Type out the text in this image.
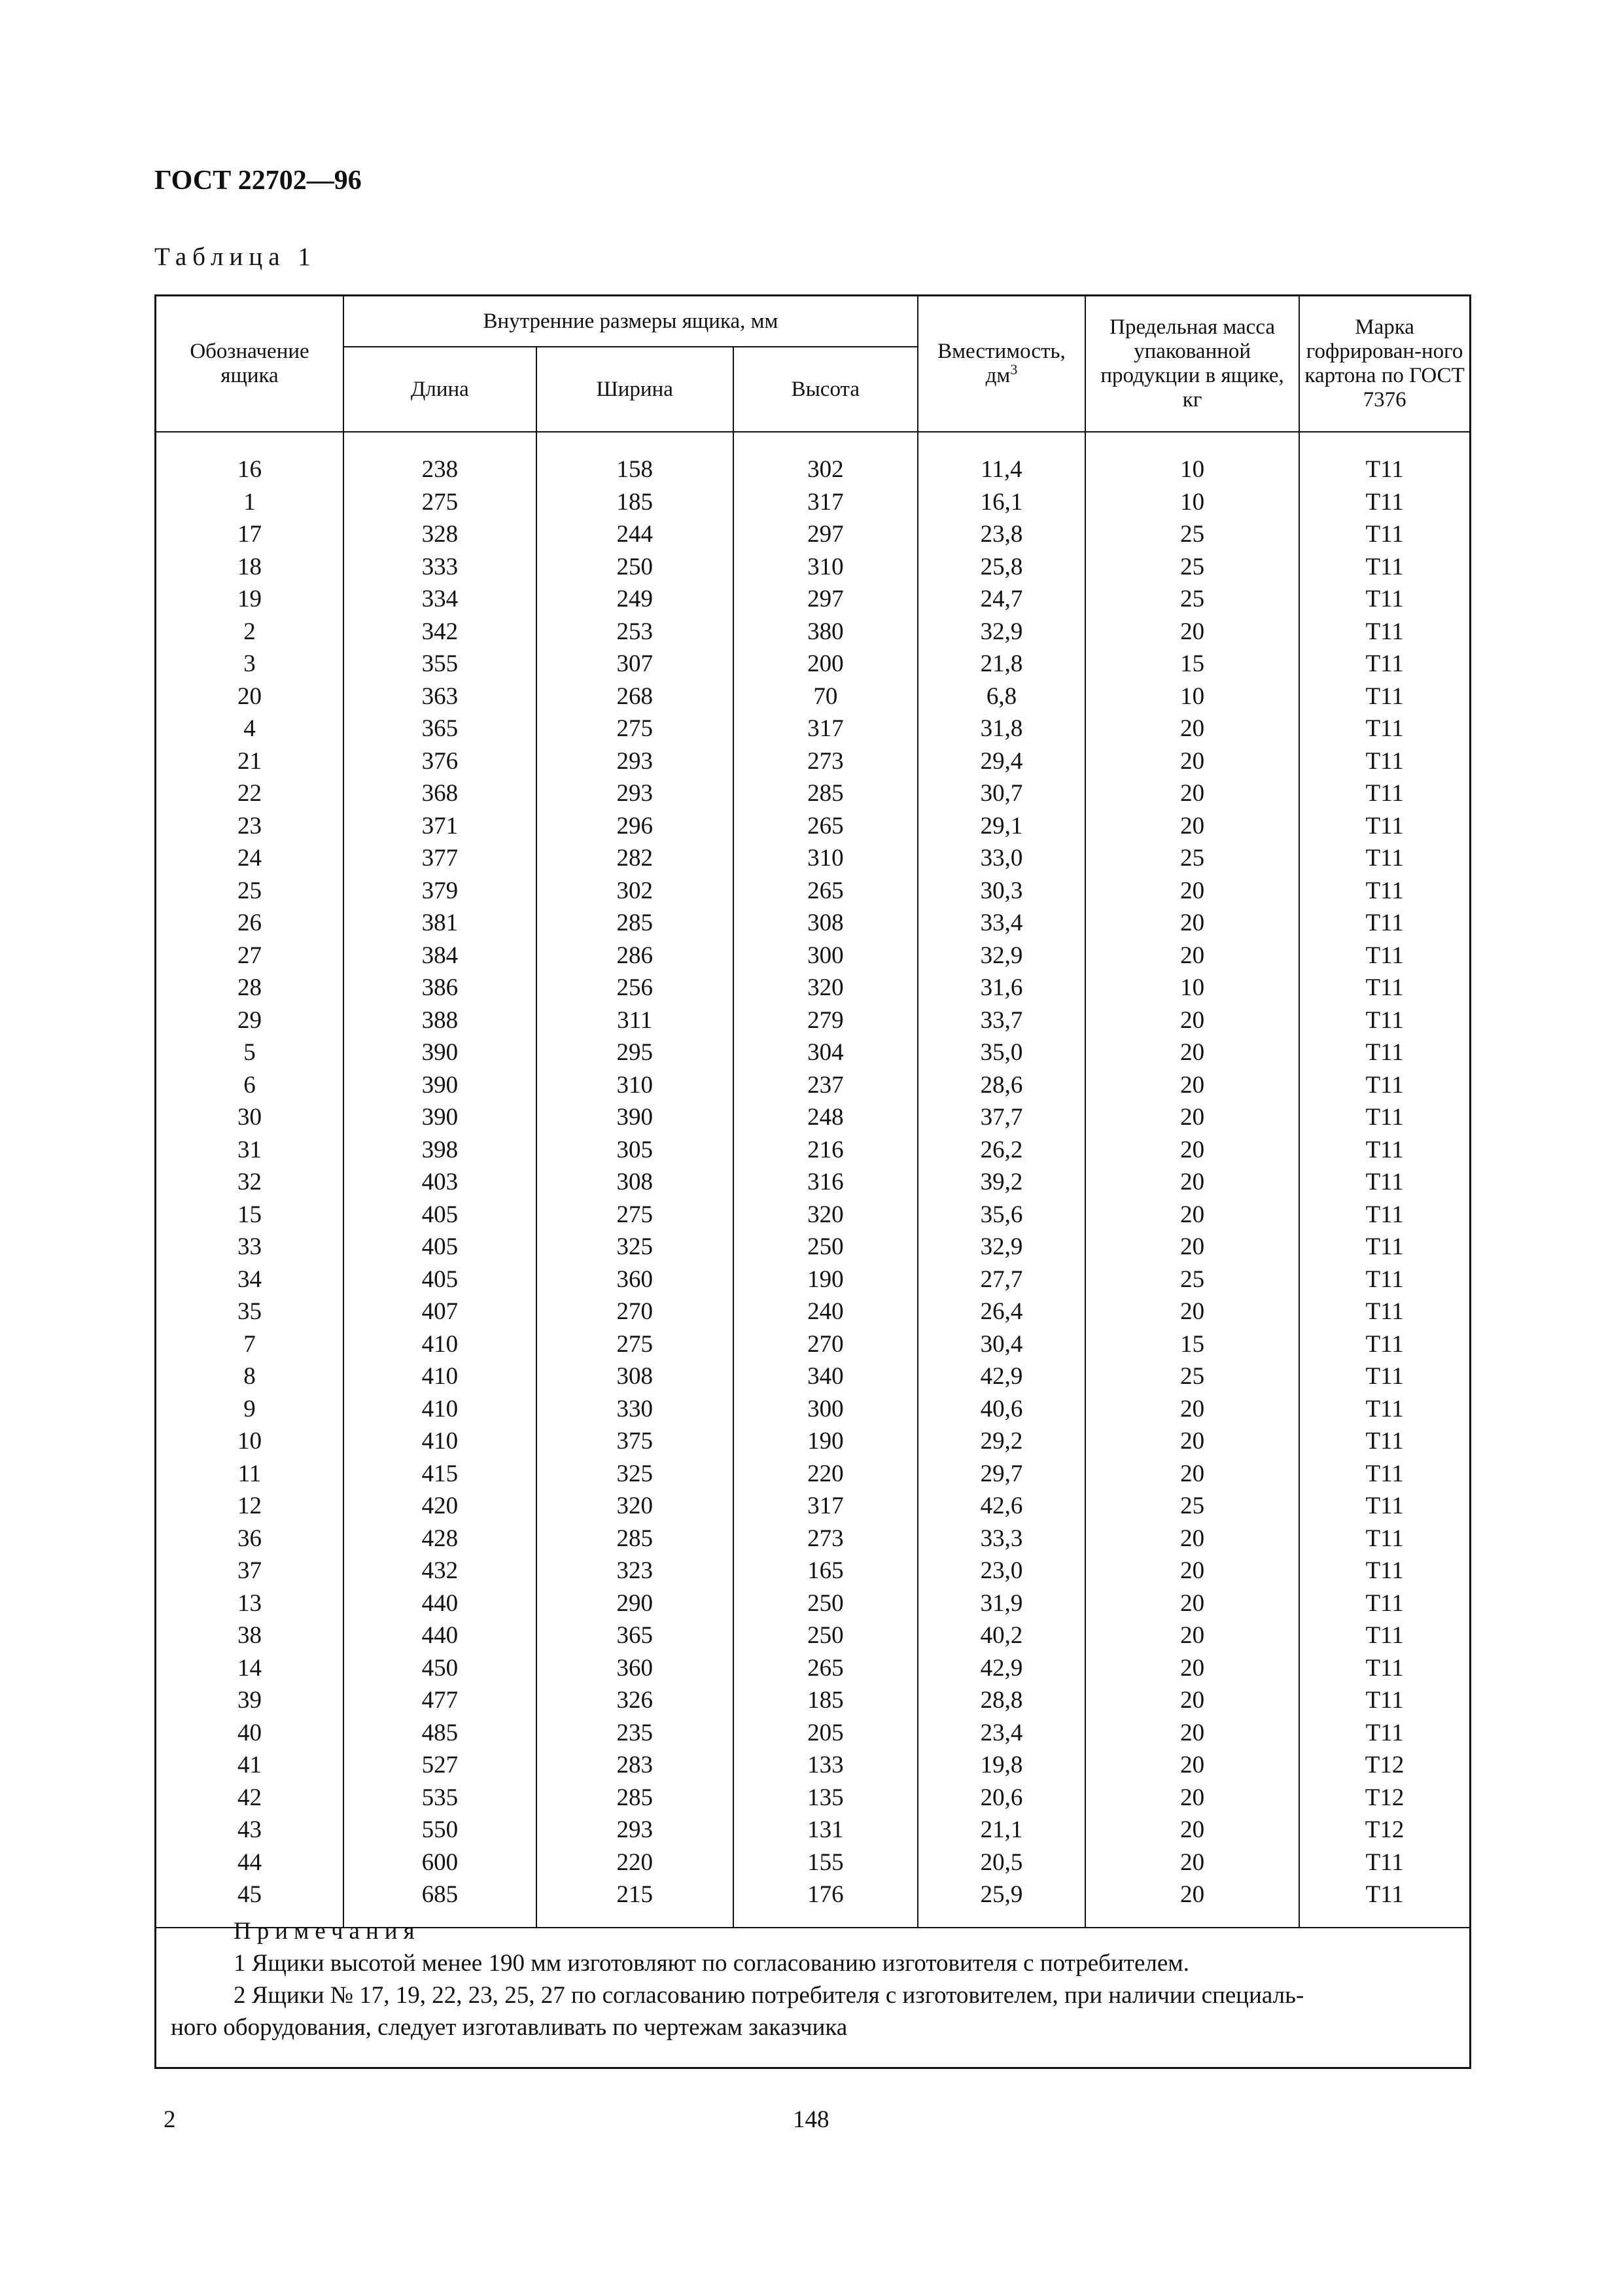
ГОСТ 22702—96
Таблица 1
Обозначение ящика	Внутренние размеры ящика, мм			Вместимость, $дм^3$	Предельная масса упакованной продукции в ящике, кг	Марка гофрирован-ного картона по ГОСТ 7376
	Длина	Ширина	Высота			

16	238	158	302	11,4	10	Т11
1	275	185	317	16,1	10	Т11
17	328	244	297	23,8	25	Т11
18	333	250	310	25,8	25	Т11
19	334	249	297	24,7	25	Т11
2	342	253	380	32,9	20	Т11
3	355	307	200	21,8	15	Т11
20	363	268	70	6,8	10	Т11
4	365	275	317	31,8	20	Т11
21	376	293	273	29,4	20	Т11
22	368	293	285	30,7	20	Т11
23	371	296	265	29,1	20	Т11
24	377	282	310	33,0	25	Т11
25	379	302	265	30,3	20	Т11
26	381	285	308	33,4	20	Т11
27	384	286	300	32,9	20	Т11
28	386	256	320	31,6	10	Т11
29	388	311	279	33,7	20	Т11
5	390	295	304	35,0	20	Т11
6	390	310	237	28,6	20	Т11
30	390	390	248	37,7	20	Т11
31	398	305	216	26,2	20	Т11
32	403	308	316	39,2	20	Т11
15	405	275	320	35,6	20	Т11
33	405	325	250	32,9	20	Т11
34	405	360	190	27,7	25	Т11
35	407	270	240	26,4	20	Т11
7	410	275	270	30,4	15	Т11
8	410	308	340	42,9	25	Т11
9	410	330	300	40,6	20	Т11
10	410	375	190	29,2	20	Т11
11	415	325	220	29,7	20	Т11
12	420	320	317	42,6	25	Т11
36	428	285	273	33,3	20	Т11
37	432	323	165	23,0	20	Т11
13	440	290	250	31,9	20	Т11
38	440	365	250	40,2	20	Т11
14	450	360	265	42,9	20	Т11
39	477	326	185	28,8	20	Т11
40	485	235	205	23,4	20	Т11
41	527	283	133	19,8	20	Т12
42	535	285	135	20,6	20	Т12
43	550	293	131	21,1	20	Т12
44	600	220	155	20,5	20	Т11
45	685	215	176	25,9	20	Т11

Примечания
1 Ящики высотой менее 190 мм изготовляют по согласованию изготовителя с потребителем.
2 Ящики № 17, 19, 22, 23, 25, 27 по согласованию потребителя с изготовителем, при наличии специаль-
ного оборудования, следует изготавливать по чертежам заказчика
2	148
